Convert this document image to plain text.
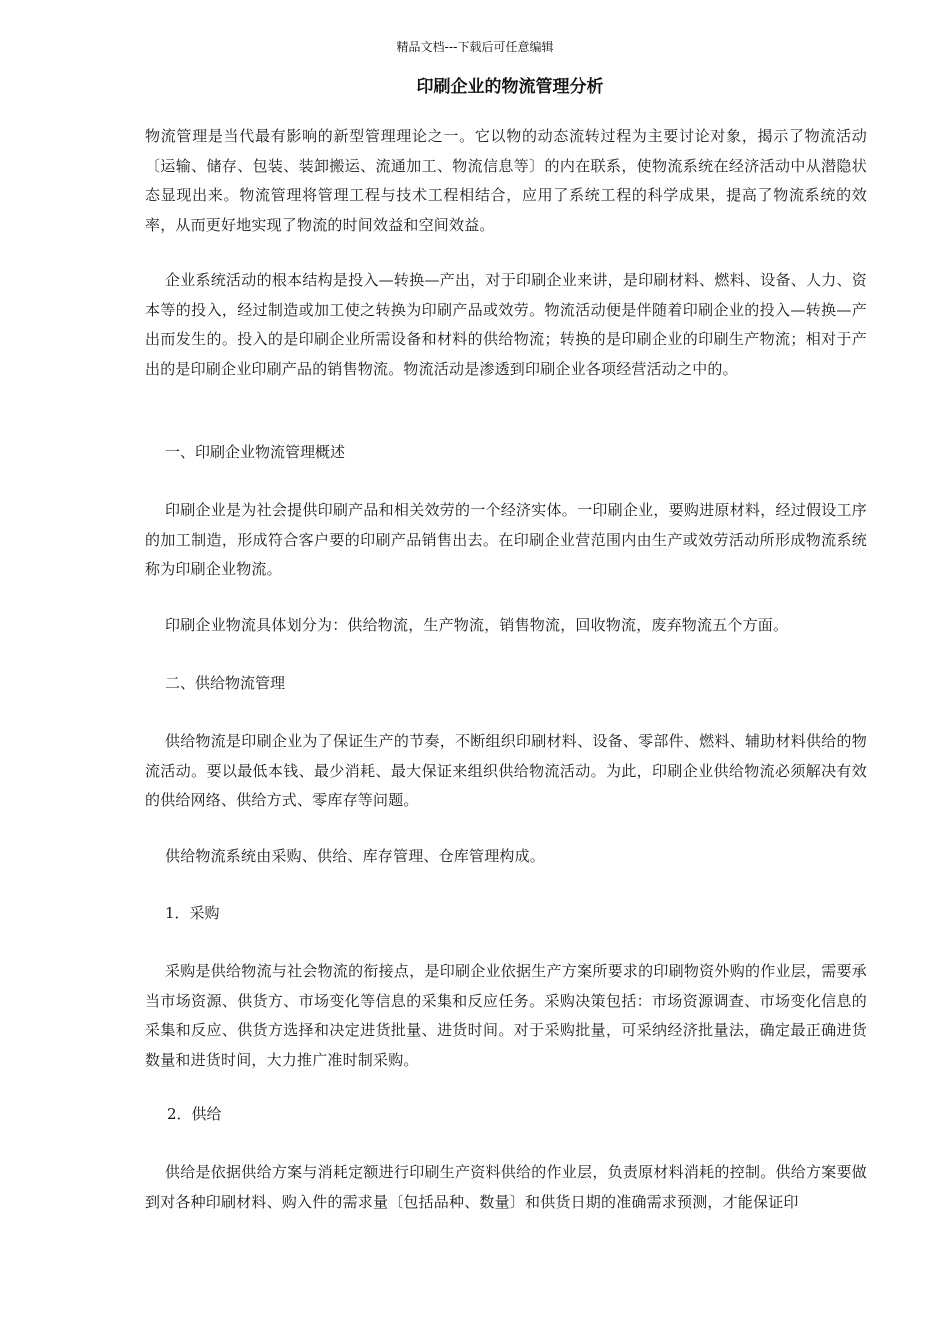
精品文档---下载后可任意编辑
印刷企业的物流管理分析

物流管理是当代最有影响的新型管理理论之一。它以物的动态流转过程为主要讨论对象，揭示了物流活动〔运输、储存、包装、装卸搬运、流通加工、物流信息等〕的内在联系，使物流系统在经济活动中从潜隐状态显现出来。物流管理将管理工程与技术工程相结合，应用了系统工程的科学成果，提高了物流系统的效率，从而更好地实现了物流的时间效益和空间效益。

企业系统活动的根本结构是投入—转换—产出，对于印刷企业来讲，是印刷材料、燃料、设备、人力、资本等的投入，经过制造或加工使之转换为印刷产品或效劳。物流活动便是伴随着印刷企业的投入—转换—产出而发生的。投入的是印刷企业所需设备和材料的供给物流；转换的是印刷企业的印刷生产物流；相对于产出的是印刷企业印刷产品的销售物流。物流活动是渗透到印刷企业各项经营活动之中的。

一、印刷企业物流管理概述

印刷企业是为社会提供印刷产品和相关效劳的一个经济实体。一印刷企业，要购进原材料，经过假设工序的加工制造，形成符合客户要的印刷产品销售出去。在印刷企业营范围内由生产或效劳活动所形成物流系统称为印刷企业物流。

印刷企业物流具体划分为：供给物流，生产物流，销售物流，回收物流，废弃物流五个方面。

二、供给物流管理

供给物流是印刷企业为了保证生产的节奏，不断组织印刷材料、设备、零部件、燃料、辅助材料供给的物流活动。要以最低本钱、最少消耗、最大保证来组织供给物流活动。为此，印刷企业供给物流必须解决有效的供给网络、供给方式、零库存等问题。

供给物流系统由采购、供给、库存管理、仓库管理构成。

1．采购

采购是供给物流与社会物流的衔接点，是印刷企业依据生产方案所要求的印刷物资外购的作业层，需要承当市场资源、供货方、市场变化等信息的采集和反应任务。采购决策包括：市场资源调查、市场变化信息的采集和反应、供货方选择和决定进货批量、进货时间。对于采购批量，可采纳经济批量法，确定最正确进货数量和进货时间，大力推广准时制采购。

2．供给

供给是依据供给方案与消耗定额进行印刷生产资料供给的作业层，负责原材料消耗的控制。供给方案要做到对各种印刷材料、购入件的需求量〔包括品种、数量〕和供货日期的准确需求预测，才能保证印
